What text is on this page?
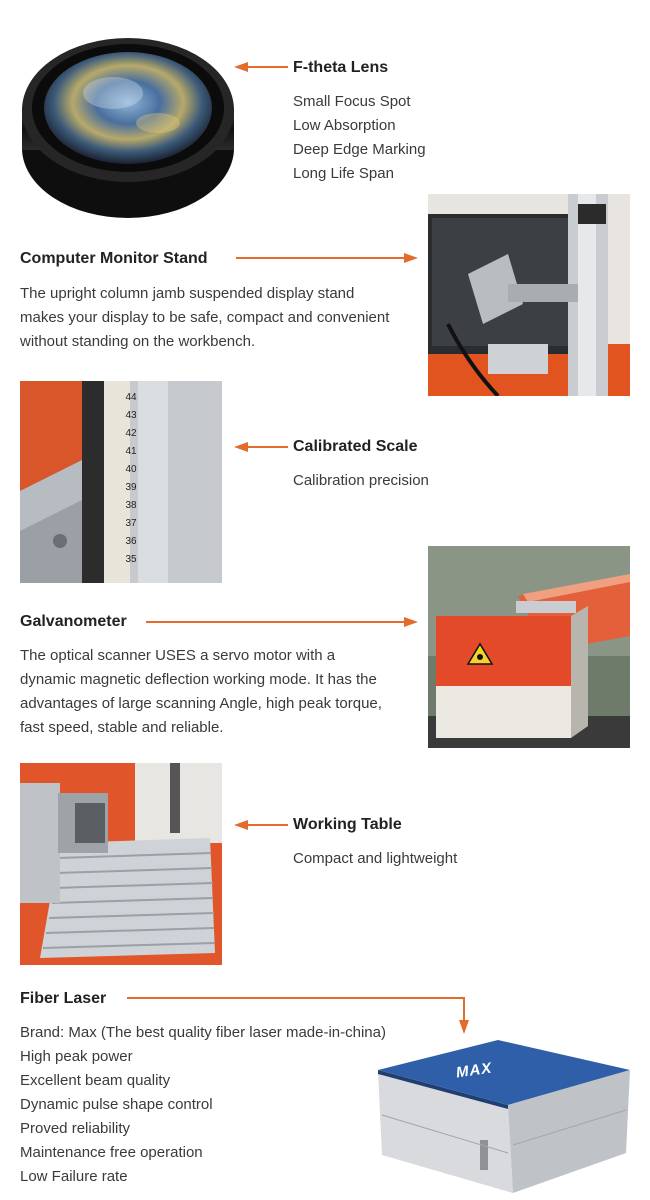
F-theta Lens
Small Focus Spot
Low Absorption
Deep Edge Marking
Long Life Span
Computer Monitor Stand
The upright column jamb suspended display stand makes your display to be safe, compact and convenient without standing on the workbench.
44
43
42
41
40
39
38
37
36
35
Calibrated Scale
Calibration precision
Galvanometer
The optical scanner USES a servo motor with a dynamic magnetic deflection working mode. It has the advantages of large scanning Angle, high peak torque, fast speed, stable and reliable.
Working Table
Compact and lightweight
Fiber Laser
Brand: Max (The best quality fiber laser made-in-china)
High peak power
Excellent beam quality
Dynamic pulse shape control
Proved reliability
Maintenance free operation
Low Failure rate
MAX
